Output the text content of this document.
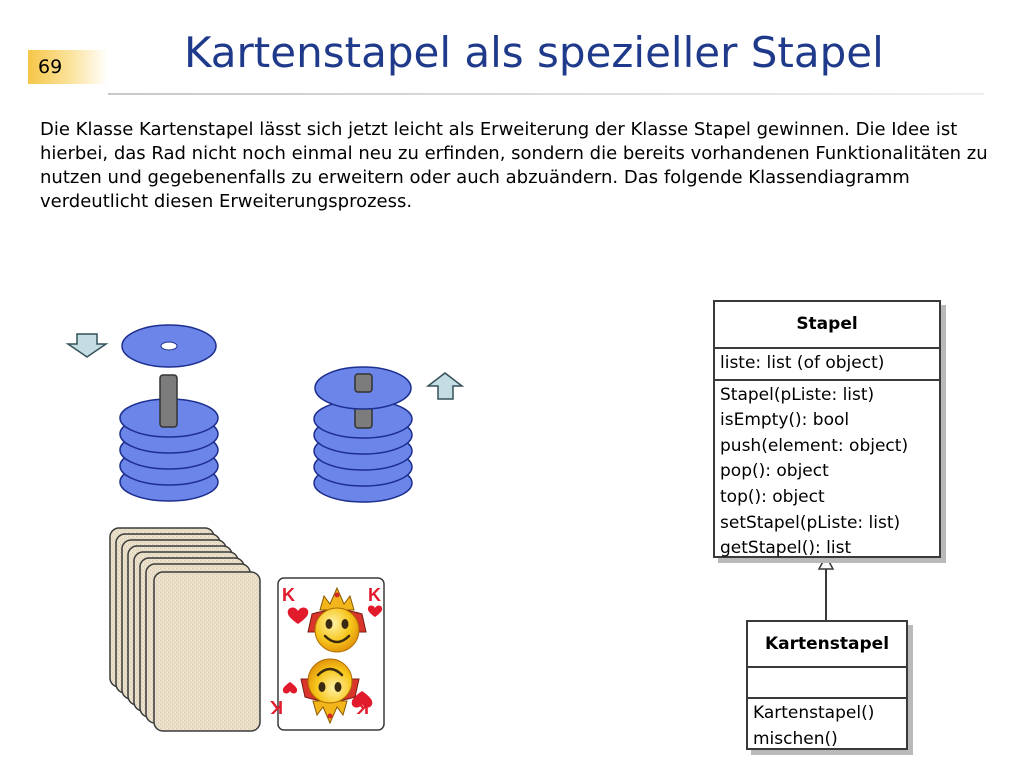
69	Kartenstapel als spezieller Stapel
Die Klasse Kartenstapel lässt sich jetzt leicht als Erweiterung der Klasse Stapel gewinnen. Die Idee ist hierbei, das Rad nicht noch einmal neu zu erfinden, sondern die bereits vorhandenen Funktionalitäten zu nutzen und gegebenenfalls zu erweitern oder auch abzuändern. Das folgende Klassendiagramm verdeutlicht diesen Erweiterungsprozess.
K	K
K	K
Stapel
liste: list (of object)
Stapel(pListe: list)
isEmpty(): bool
push(element: object)
pop(): object
top(): object
setStapel(pListe: list)
getStapel(): list
Kartenstapel
Kartenstapel()
mischen()
